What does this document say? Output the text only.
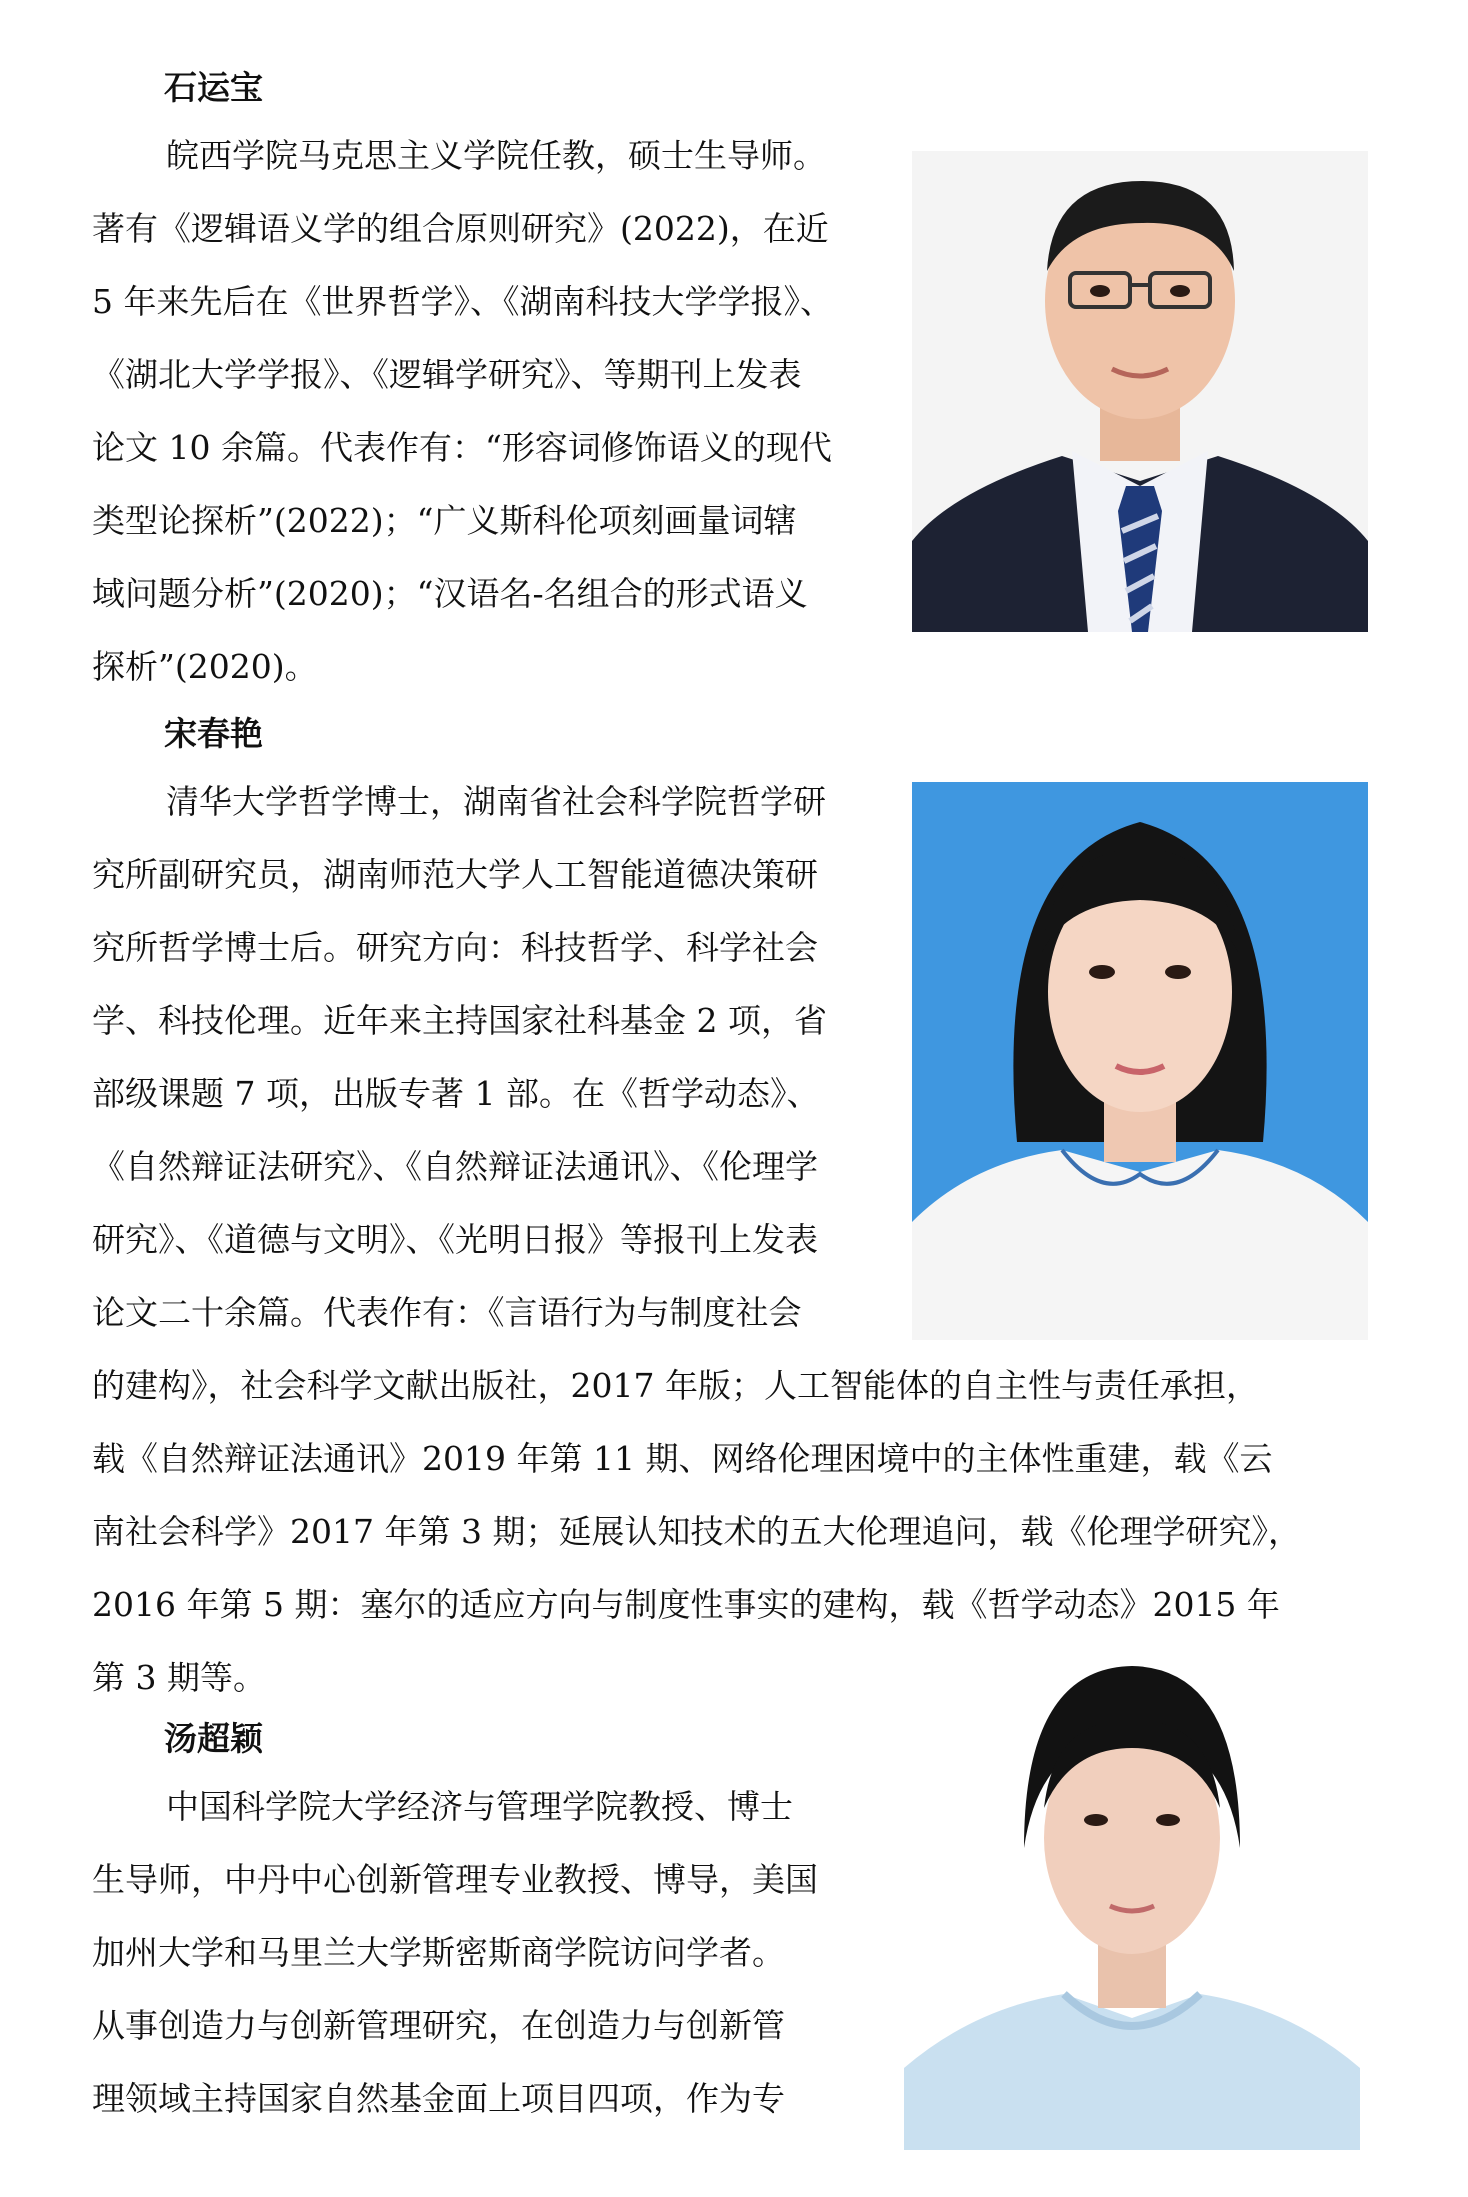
石运宝

皖西学院马克思主义学院任教，硕士生导师。

著有《逻辑语义学的组合原则研究》(2022)，在近

5 年来先后在《世界哲学》、《湖南科技大学学报》、

《湖北大学学报》、《逻辑学研究》、等期刊上发表

论文 10 余篇。代表作有：“形容词修饰语义的现代

类型论探析”(2022)；“广义斯科伦项刻画量词辖

域问题分析”(2020)；“汉语名-名组合的形式语义

探析”(2020)。

宋春艳

清华大学哲学博士，湖南省社会科学院哲学研

究所副研究员，湖南师范大学人工智能道德决策研

究所哲学博士后。研究方向：科技哲学、科学社会

学、科技伦理。近年来主持国家社科基金 2 项，省

部级课题 7 项，出版专著 1 部。在《哲学动态》、

《自然辩证法研究》、《自然辩证法通讯》、《伦理学

研究》、《道德与文明》、《光明日报》等报刊上发表

论文二十余篇。代表作有：《言语行为与制度社会

的建构》，社会科学文献出版社，2017 年版；人工智能体的自主性与责任承担，

载《自然辩证法通讯》2019 年第 11 期、网络伦理困境中的主体性重建，载《云

南社会科学》2017 年第 3 期；延展认知技术的五大伦理追问，载《伦理学研究》，

2016 年第 5 期：塞尔的适应方向与制度性事实的建构，载《哲学动态》2015 年

第 3 期等。

汤超颖

中国科学院大学经济与管理学院教授、博士

生导师，中丹中心创新管理专业教授、博导，美国

加州大学和马里兰大学斯密斯商学院访问学者。

从事创造力与创新管理研究，在创造力与创新管

理领域主持国家自然基金面上项目四项，作为专
